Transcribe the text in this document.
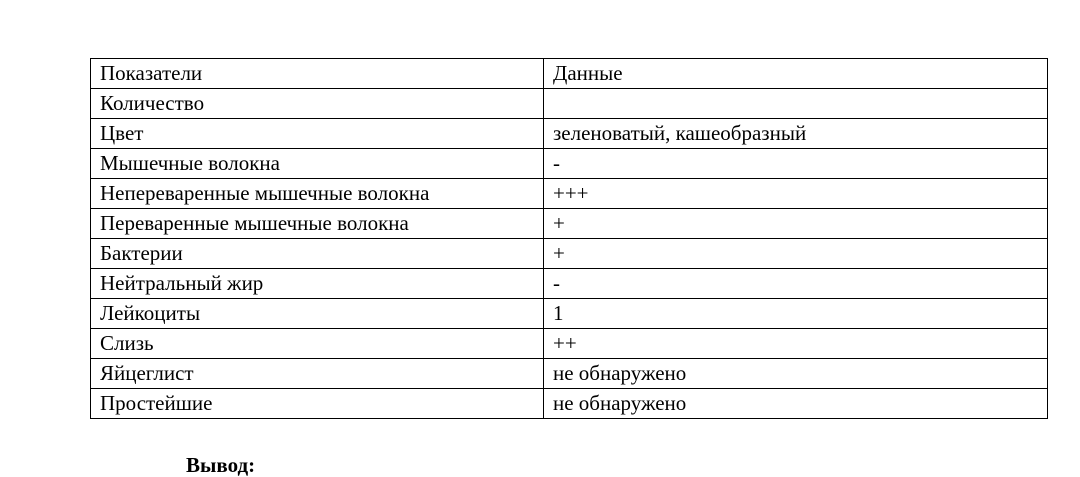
Показатели	Данные
Количество	
Цвет	зеленоватый, кашеобразный
Мышечные волокна	-
Непереваренные мышечные волокна	+++
Переваренные мышечные волокна	+
Бактерии	+
Нейтральный жир	-
Лейкоциты	1
Слизь	++
Яйцеглист	не обнаружено
Простейшие	не обнаружено
Вывод:
